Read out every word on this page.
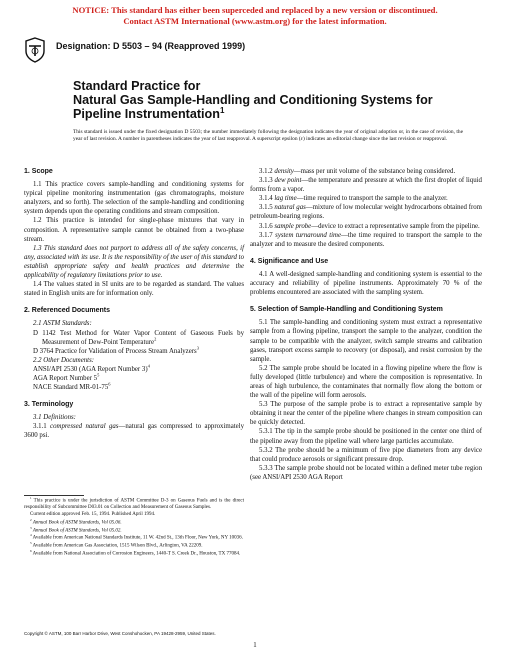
NOTICE: This standard has either been superceded and replaced by a new version or discontinued.
Contact ASTM International (www.astm.org) for the latest information.
Designation: D 5503 – 94 (Reapproved 1999)
Standard Practice for
Natural Gas Sample-Handling and Conditioning Systems for
Pipeline Instrumentation$^1$
This standard is issued under the fixed designation D 5503; the number immediately following the designation indicates the year of original adoption or, in the case of revision, the year of last revision. A number in parentheses indicates the year of last reapproval. A superscript epsilon (ε) indicates an editorial change since the last revision or reapproval.

1. Scope

1.1 This practice covers sample-handling and conditioning systems for typical pipeline monitoring instrumentation (gas chromatographs, moisture analyzers, and so forth). The selection of the sample-handling and conditioning system depends upon the operating conditions and stream composition.

1.2 This practice is intended for single-phase mixtures that vary in composition. A representative sample cannot be obtained from a two-phase stream.

1.3 This standard does not purport to address all of the safety concerns, if any, associated with its use. It is the responsibility of the user of this standard to establish appropriate safety and health practices and determine the applicability of regulatory limitations prior to use.

1.4 The values stated in SI units are to be regarded as standard. The values stated in English units are for information only.

2. Referenced Documents

2.1 ASTM Standards:

D 1142 Test Method for Water Vapor Content of Gaseous Fuels by Measurement of Dew-Point Temperature$^2$

D 3764 Practice for Validation of Process Stream Analyzers$^3$

2.2 Other Documents:

ANSI/API 2530 (AGA Report Number 3)$^4$

AGA Report Number $5^5$

NACE Standard $MR-01-75^6$

3. Terminology

3.1 Definitions:

3.1.1 compressed natural gas—natural gas compressed to approximately 3600 psi.

$^1$ This practice is under the jurisdiction of ASTM Committee D-3 on Gaseous Fuels and is the direct responsibility of Subcommittee D03.01 on Collection and Measurement of Gaseous Samples.

Current edition approved Feb. 15, 1994. Published April 1994.

$^2$ Annual Book of ASTM Standards, Vol 05.06.

$^3$ Annual Book of ASTM Standards, Vol 05.02.

$^4$ Available from American National Standards Institute, 11 W. 42nd St., 13th Floor, New York, NY 10036.

$^5$ Available from American Gas Association, 1515 Wilson Blvd., Arlington, VA 22209.

$^6$ Available from National Association of Corrosion Engineers, 1440-T S. Creek Dr., Houston, TX 77084.

3.1.2 density—mass per unit volume of the substance being considered.

3.1.3 dew point—the temperature and pressure at which the first droplet of liquid forms from a vapor.

3.1.4 lag time—time required to transport the sample to the analyzer.

3.1.5 natural gas—mixture of low molecular weight hydrocarbons obtained from petroleum-bearing regions.

3.1.6 sample probe—device to extract a representative sample from the pipeline.

3.1.7 system turnaround time—the time required to transport the sample to the analyzer and to measure the desired components.

4. Significance and Use

4.1 A well-designed sample-handling and conditioning system is essential to the accuracy and reliability of pipeline instruments. Approximately 70 % of the problems encountered are associated with the sampling system.

5. Selection of Sample-Handling and Conditioning System

5.1 The sample-handling and conditioning system must extract a representative sample from a flowing pipeline, transport the sample to the analyzer, condition the sample to be compatible with the analyzer, switch sample streams and calibration gases, transport excess sample to recovery (or disposal), and resist corrosion by the sample.

5.2 The sample probe should be located in a flowing pipeline where the flow is fully developed (little turbulence) and where the composition is representative. In areas of high turbulence, the contaminates that normally flow along the bottom or the wall of the pipeline will form aerosols.

5.3 The purpose of the sample probe is to extract a representative sample by obtaining it near the center of the pipeline where changes in stream composition can be quickly detected.

5.3.1 The tip in the sample probe should be positioned in the center one third of the pipeline away from the pipeline wall where large particles accumulate.

5.3.2 The probe should be a minimum of five pipe diameters from any device that could produce aerosols or significant pressure drop.

5.3.3 The sample probe should not be located within a defined meter tube region (see ANSI/API 2530 AGA Report

Copyright © ASTM, 100 Barr Harbor Drive, West Conshohocken, PA 19428-2959, United States.
1
